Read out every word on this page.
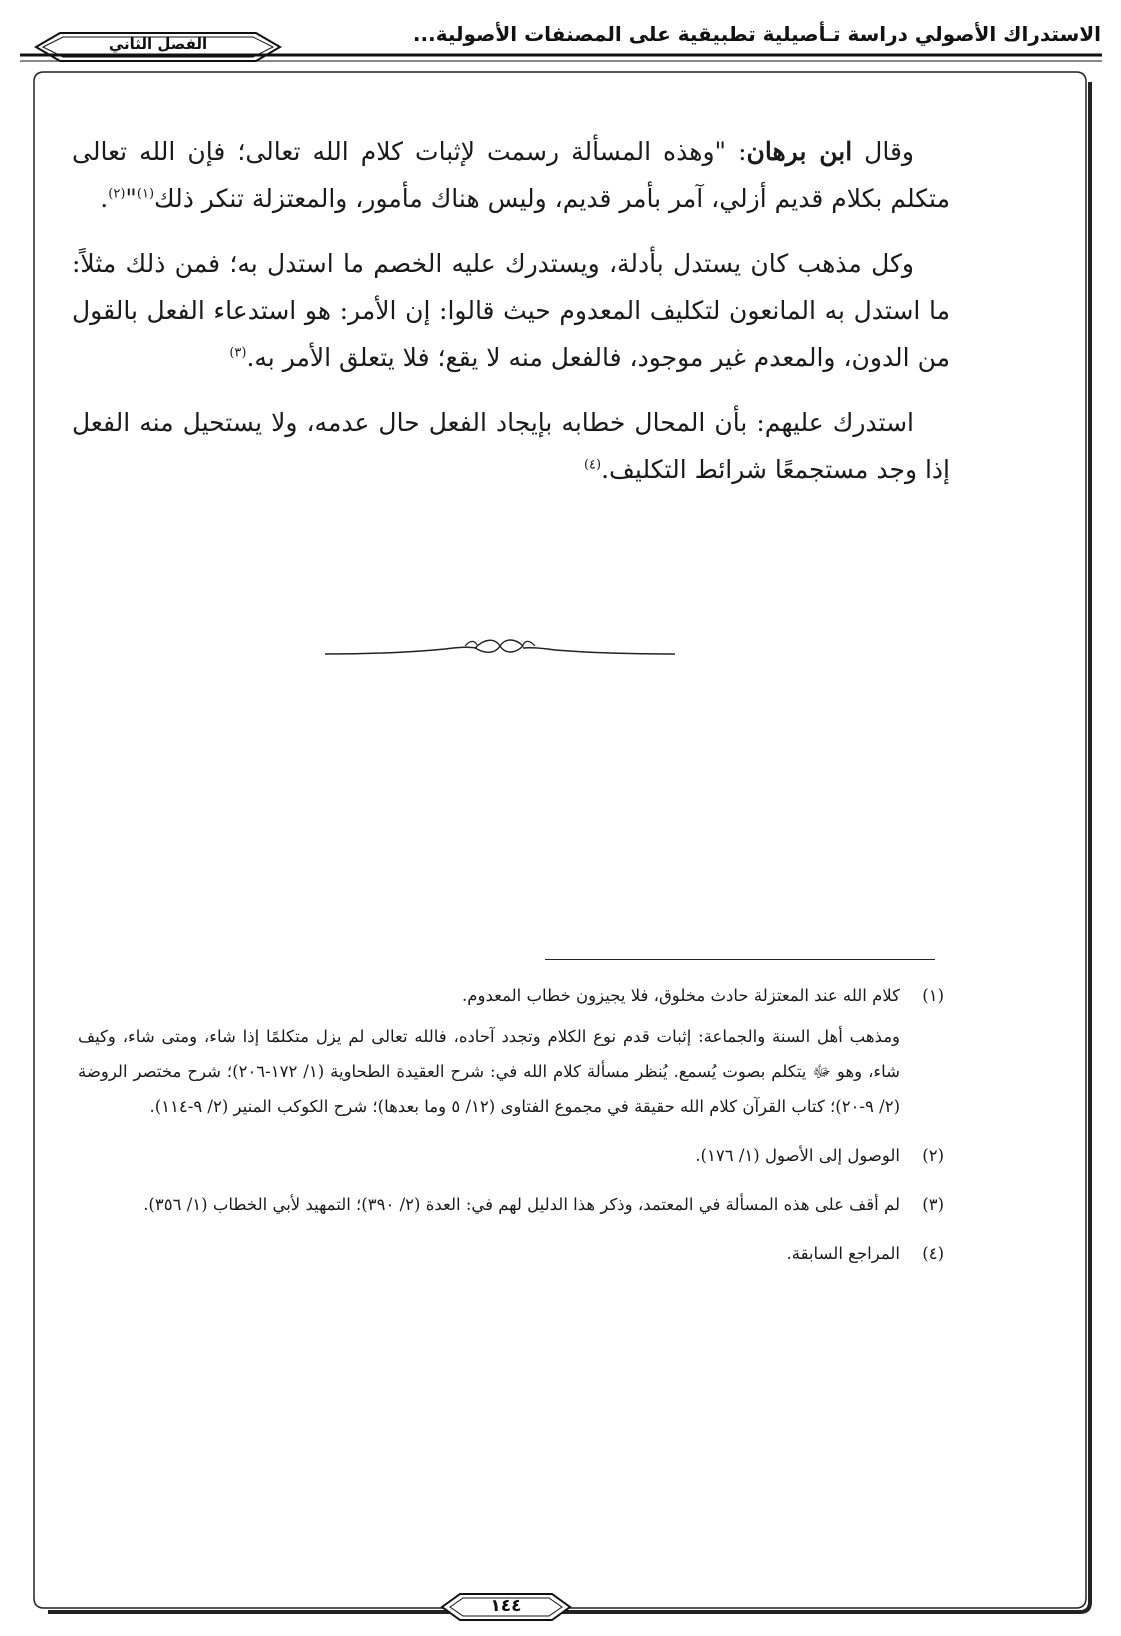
الاستدراك الأصولي دراسة تـأصيلية تطبيقية على المصنفات الأصولية...
الفصل الثاني

وقال ابن برهان: "وهذه المسألة رسمت لإثبات كلام الله تعالى؛ فإن الله تعالى متكلم بكلام قديم أزلي، آمر بأمر قديم، وليس هناك مأمور، والمعتزلة تنكر ذلك$^{(١)}$"$^{(٢)}$.

وكل مذهب كان يستدل بأدلة، ويستدرك عليه الخصم ما استدل به؛ فمن ذلك مثلاً: ما استدل به المانعون لتكليف المعدوم حيث قالوا: إن الأمر: هو استدعاء الفعل بالقول من الدون، والمعدم غير موجود، فالفعل منه لا يقع؛ فلا يتعلق الأمر به.$^{(٣)}$

استدرك عليهم: بأن المحال خطابه بإيجاد الفعل حال عدمه، ولا يستحيل منه الفعل إذا وجد مستجمعًا شرائط التكليف.$^{(٤)}$

(١)

كلام الله عند المعتزلة حادث مخلوق، فلا يجيزون خطاب المعدوم.

ومذهب أهل السنة والجماعة: إثبات قدم نوع الكلام وتجدد آحاده، فالله تعالى لم يزل متكلمًا إذا شاء، ومتى شاء، وكيف شاء، وهو ﷻ يتكلم بصوت يُسمع. يُنظر مسألة كلام الله في: شرح العقيدة الطحاوية (١/ ١٧٢-٢٠٦)؛ شرح مختصر الروضة (٢/ ٩-٢٠)؛ كتاب القرآن كلام الله حقيقة في مجموع الفتاوى (١٢/ ٥ وما بعدها)؛ شرح الكوكب المنير (٢/ ٩-١١٤).

(٢)

الوصول إلى الأصول (١/ ١٧٦).

(٣)

لم أقف على هذه المسألة في المعتمد، وذكر هذا الدليل لهم في: العدة (٢/ ٣٩٠)؛ التمهيد لأبي الخطاب (١/ ٣٥٦).

(٤)

المراجع السابقة.

١٤٤
